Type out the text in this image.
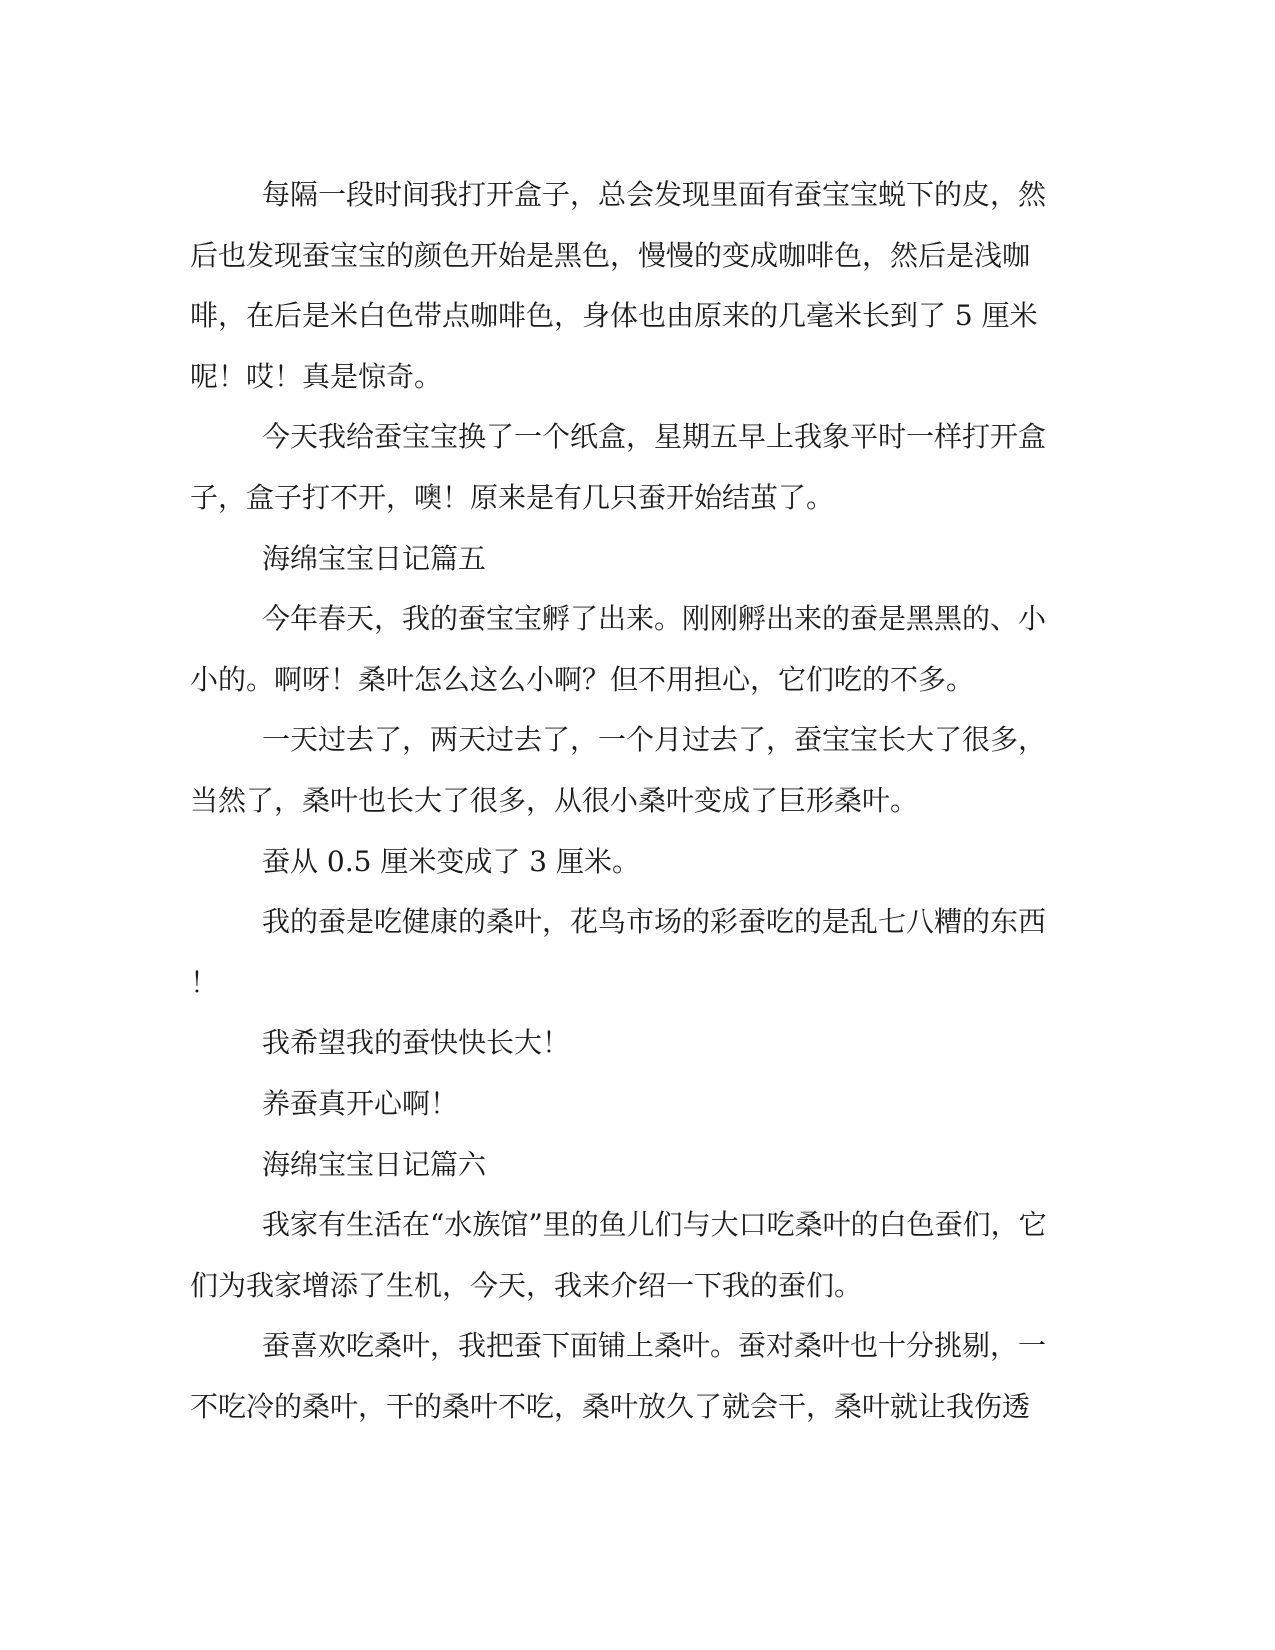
每隔一段时间我打开盒子，总会发现里面有蚕宝宝蜕下的皮，然
后也发现蚕宝宝的颜色开始是黑色，慢慢的变成咖啡色，然后是浅咖
啡，在后是米白色带点咖啡色，身体也由原来的几毫米长到了 5 厘米
呢！哎！真是惊奇。
今天我给蚕宝宝换了一个纸盒，星期五早上我象平时一样打开盒
子，盒子打不开，噢！原来是有几只蚕开始结茧了。
海绵宝宝日记篇五
今年春天，我的蚕宝宝孵了出来。刚刚孵出来的蚕是黑黑的、小
小的。啊呀！桑叶怎么这么小啊？但不用担心，它们吃的不多。
一天过去了，两天过去了，一个月过去了，蚕宝宝长大了很多，
当然了，桑叶也长大了很多，从很小桑叶变成了巨形桑叶。
蚕从 0.5 厘米变成了 3 厘米。
我的蚕是吃健康的桑叶，花鸟市场的彩蚕吃的是乱七八糟的东西
！
我希望我的蚕快快长大！
养蚕真开心啊！
海绵宝宝日记篇六
我家有生活在“水族馆”里的鱼儿们与大口吃桑叶的白色蚕们，它
们为我家增添了生机，今天，我来介绍一下我的蚕们。
蚕喜欢吃桑叶，我把蚕下面铺上桑叶。蚕对桑叶也十分挑剔，一
不吃冷的桑叶，干的桑叶不吃，桑叶放久了就会干，桑叶就让我伤透
